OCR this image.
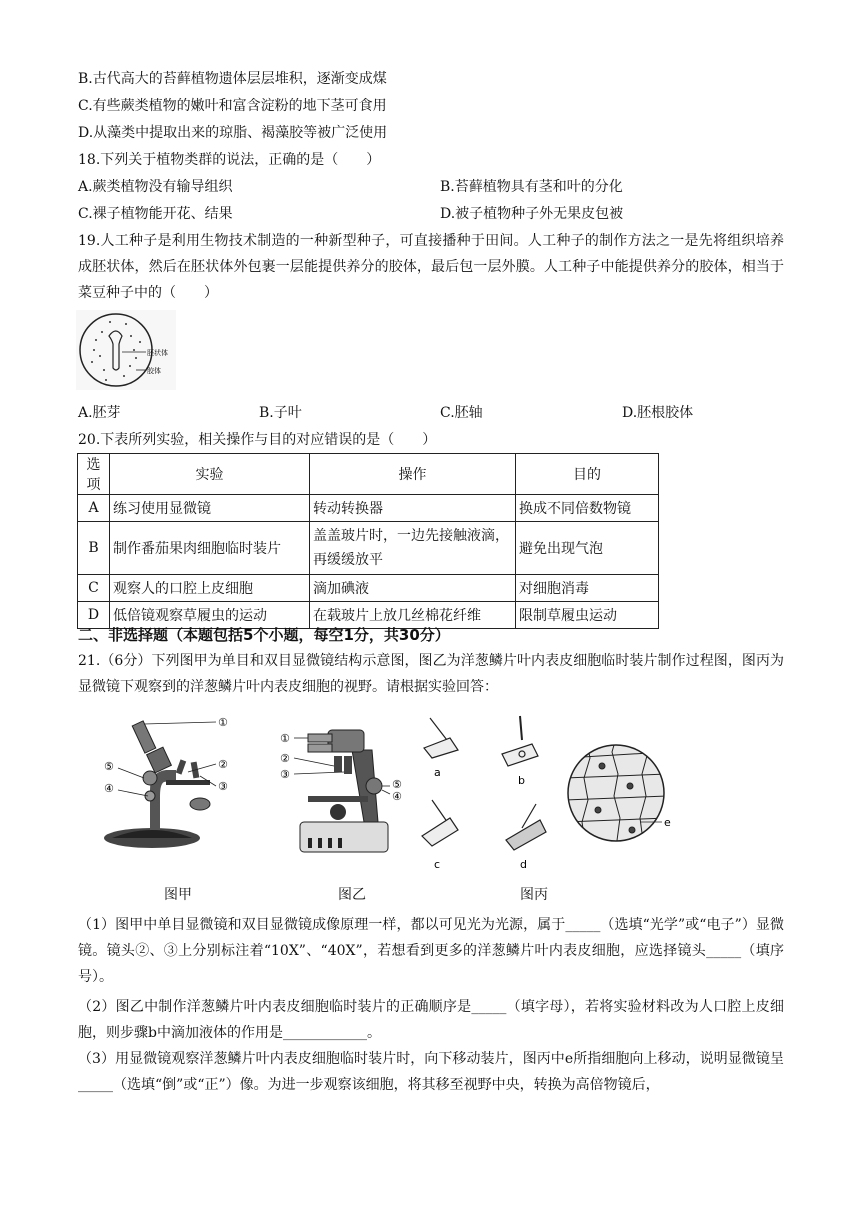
B.古代高大的苔藓植物遗体层层堆积，逐渐变成煤
C.有些蕨类植物的嫩叶和富含淀粉的地下茎可食用
D.从藻类中提取出来的琼脂、褐藻胶等被广泛使用
18.下列关于植物类群的说法，正确的是（　　）
A.蕨类植物没有输导组织	B.苔藓植物具有茎和叶的分化
C.裸子植物能开花、结果	D.被子植物种子外无果皮包被
19.人工种子是利用生物技术制造的一种新型种子，可直接播种于田间。人工种子的制作方法之一是先将组织培养成胚状体，然后在胚状体外包裹一层能提供养分的胶体，最后包一层外膜。人工种子中能提供养分的胶体，相当于菜豆种子中的（　　）
胚状体
胶体
A.胚芽	B.子叶	C.胚轴	D.胚根胶体
20.下表所列实验，相关操作与目的对应错误的是（　　）
选项	实验	操作	目的
A	练习使用显微镜	转动转换器	换成不同倍数物镜
B	制作番茄果肉细胞临时装片	盖盖玻片时，一边先接触液滴，再缓缓放平	避免出现气泡
C	观察人的口腔上皮细胞	滴加碘液	对细胞消毒
D	低倍镜观察草履虫的运动	在载玻片上放几丝棉花纤维	限制草履虫运动
二、非选择题（本题包括5个小题，每空1分，共30分）
21.（6分）下列图甲为单目和双目显微镜结构示意图，图乙为洋葱鳞片叶内表皮细胞临时装片制作过程图，图丙为显微镜下观察到的洋葱鳞片叶内表皮细胞的视野。请根据实验回答：
①
②
③
④
⑤
①
②
③
④
⑤
a
b
c	d
e
图甲	图乙	图丙
（1）图甲中单目显微镜和双目显微镜成像原理一样，都以可见光为光源，属于_____（选填“光学”或“电子”）显微镜。镜头②、③上分别标注着“10X”、“40X”，若想看到更多的洋葱鳞片叶内表皮细胞，应选择镜头_____（填序号）。
（2）图乙中制作洋葱鳞片叶内表皮细胞临时装片的正确顺序是_____（填字母），若将实验材料改为人口腔上皮细胞，则步骤b中滴加液体的作用是____________。
（3）用显微镜观察洋葱鳞片叶内表皮细胞临时装片时，向下移动装片，图丙中e所指细胞向上移动，说明显微镜呈_____（选填“倒”或“正”）像。为进一步观察该细胞，将其移至视野中央，转换为高倍物镜后，
